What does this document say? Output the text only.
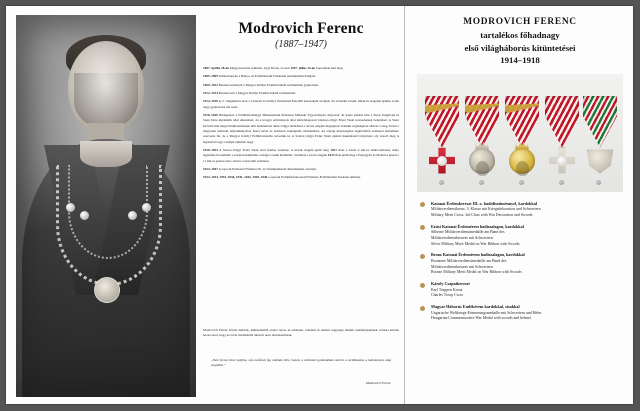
Modrovich Ferenc
(1887–1947)

1887. április 28-án Magyarszerdon született, atyja Istvan, öccsen 1947. július 15-én Sopronban halt meg.

1905–1909 Selmecbányán a Bánya- és Erdőmérnöki Főiskolán erdőmérnöki hallgató.

1909–1912 Beszterczebányán a Magyar Királyi Erdőhivatalnál erdőmérnök gyakornok.

1912–1914 Beszterczén a Magyar Királyi Erdőhivatalnál erdőmérnök.

1914–1918 az I. világháború alatt a Császári és Királyi Vasútezred Ezredtől katonaként szolgált. Az ezreddel vonult, hidak és alagutak építése során nagy gyakorlatra tett szert.

1918–1920 Budapesten a Földművelésügyi Minisztérium Erdészeti Műszaki Ügyosztályán dolgozott. Itt kapta kiadott kint a Stern Zsigmond és Stern Imre mérnökök által elkészített, de a lerogyi erdőirányok által kifoldalagozott bizmoz-völgyi Erdei Vasút tervezésének beépítését. A Stern feriváll által megvalósíthatatlannak ítélt nemzetközi tábla-völgyi tábladatai a terven alapján megépített viaduktt segítségével sikeres vonag. Ezzel a megvenni mérnöki teljesítményével hazai nevét az erdészeti szakrépítés történetében. Az anyagi közösségben tegkiválóbb erdészeti mérnökére szervezte fel, de a Magyar Királyi Erdőhivatalaiba nevezték ki. A Sztava-völgyi Erdei Vasút építési munkálatait irányította oly vezető meg is legutóbb forgyi vasútját építésén nagy.

1920–1923 A Sztava-völgyi Erdei Vasút alatt felelős vezetője. A tervek alapján épült meg 1921 Iban a Lázás 4 km-es szűkvonalozna, mely legizándott teremített a normal-áramtásán rozságos vasúti kialakítás. Számítás a tervei alapján 1923 Iban épült meg a Papirgyárt és Malotica kezett a 11 km-es panzar-szuv szárov-vonal elért szabásza.

1923–1947 A soproni Erdészeti Főiskola IX- és Vasútépítéstani Tanszékének vezetője.

1933–1934, 1933–1934, 1941–1942, 1945–1946 a soproni Erdőmérnöki-szerű Főiskola Erdőmérnöki Karának dékánja.

Modrovich Ferenc kiváló mérnök, lelkesedésből oktató neves és emberek, szakmai és emberi nagysága mellett személyiségének varázsa kötötte hozzá azon, hogy az órtan tiszteletétől áthatott neve maradandónak.

„Nem fernai lehet nyájína, sem eszlőnek feg olakhán iébe, hanem a eszlészeti gondolatkán szerint a torlálkozása a tudományos alap engedése.”
Modrovich Ferenc
MODROVICH FERENC
tartalékos főhadnagy
első világháborús kitüntetései
1914–1918
Katonai Érdemkereszt III. o. hadidíszítménnyel, kardokkal
Militärverdienstkreuz, 3. Klasse mit Kriegsdekoration und Schwertern
Military Merit Cross, 3rd Class with War Decoration and Swords
Ezüst Katonai Érdemérem hadiszalagon, kardokkal
Silberne Militärverdienstmedaille am Band des
Militärverdienstkreuzes mit Schwertern
Silver Military Merit Medal on War Ribbon with Swords
Bronz Katonai Érdemérem hadiszalagon, kardokkal
Bronzene Militärverdienstmedaille am Band des
Militärverdienstkreuzes mit Schwertern
Bronze Military Merit Medal on War Ribbon with Swords
Károly Csapatkereszt
Karl Truppen Kreuz
Charles Troop Cross
Magyar Háborús Emlékérem kardokkal, sisakkal
Ungarische Weltkriegs-Erinnerungsmedaille mit Schwertern und Helm
Hungarian Commemorative War Medal with swords and helmet
